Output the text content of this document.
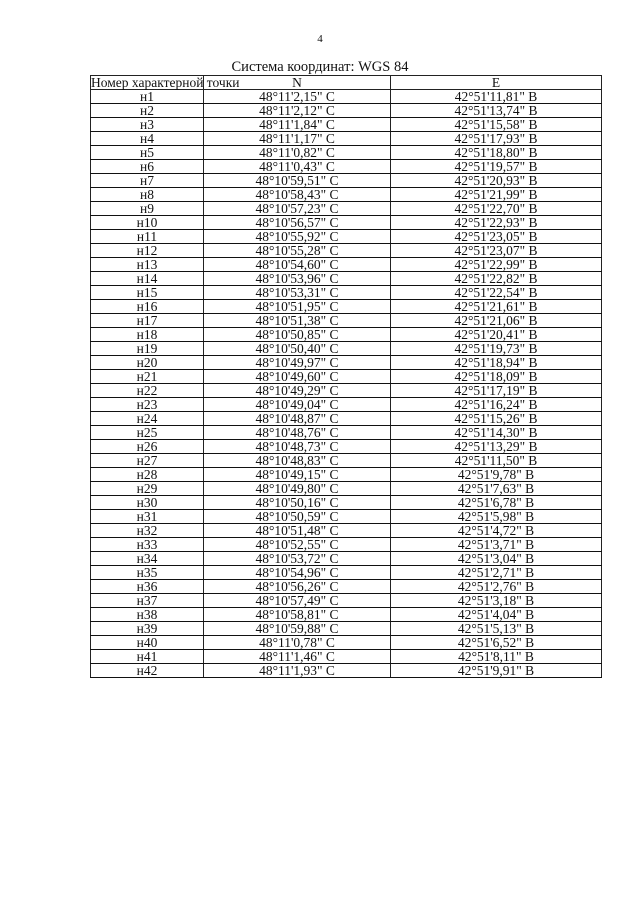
4
Система координат: WGS 84
Номер характерной точки	N	E
н1	48°11'2,15" С	42°51'11,81" В
н2	48°11'2,12" С	42°51'13,74" В
н3	48°11'1,84" С	42°51'15,58" В
н4	48°11'1,17" С	42°51'17,93" В
н5	48°11'0,82" С	42°51'18,80" В
н6	48°11'0,43" С	42°51'19,57" В
н7	48°10'59,51" С	42°51'20,93" В
н8	48°10'58,43" С	42°51'21,99" В
н9	48°10'57,23" С	42°51'22,70" В
н10	48°10'56,57" С	42°51'22,93" В
н11	48°10'55,92" С	42°51'23,05" В
н12	48°10'55,28" С	42°51'23,07" В
н13	48°10'54,60" С	42°51'22,99" В
н14	48°10'53,96" С	42°51'22,82" В
н15	48°10'53,31" С	42°51'22,54" В
н16	48°10'51,95" С	42°51'21,61" В
н17	48°10'51,38" С	42°51'21,06" В
н18	48°10'50,85" С	42°51'20,41" В
н19	48°10'50,40" С	42°51'19,73" В
н20	48°10'49,97" С	42°51'18,94" В
н21	48°10'49,60" С	42°51'18,09" В
н22	48°10'49,29" С	42°51'17,19" В
н23	48°10'49,04" С	42°51'16,24" В
н24	48°10'48,87" С	42°51'15,26" В
н25	48°10'48,76" С	42°51'14,30" В
н26	48°10'48,73" С	42°51'13,29" В
н27	48°10'48,83" С	42°51'11,50" В
н28	48°10'49,15" С	42°51'9,78" В
н29	48°10'49,80" С	42°51'7,63" В
н30	48°10'50,16" С	42°51'6,78" В
н31	48°10'50,59" С	42°51'5,98" В
н32	48°10'51,48" С	42°51'4,72" В
н33	48°10'52,55" С	42°51'3,71" В
н34	48°10'53,72" С	42°51'3,04" В
н35	48°10'54,96" С	42°51'2,71" В
н36	48°10'56,26" С	42°51'2,76" В
н37	48°10'57,49" С	42°51'3,18" В
н38	48°10'58,81" С	42°51'4,04" В
н39	48°10'59,88" С	42°51'5,13" В
н40	48°11'0,78" С	42°51'6,52" В
н41	48°11'1,46" С	42°51'8,11" В
н42	48°11'1,93" С	42°51'9,91" В
